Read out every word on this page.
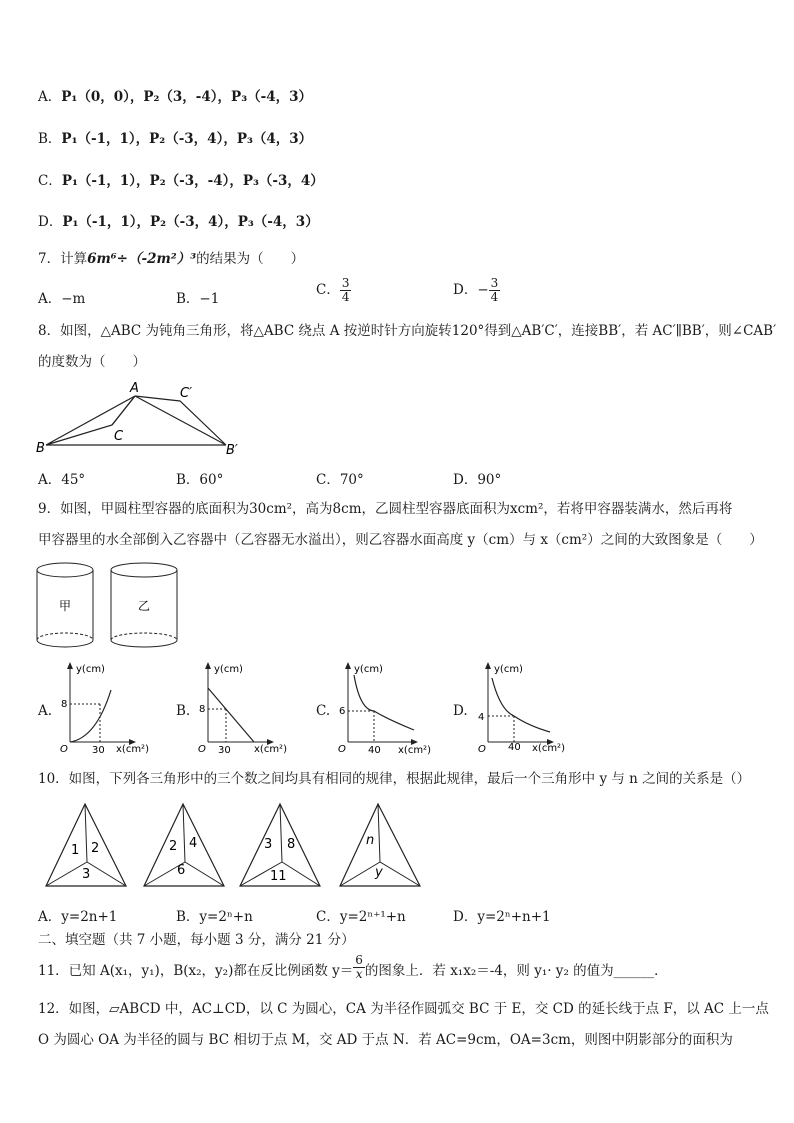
A．P₁（0，0），P₂（3，-4），P₃（-4，3）
B．P₁（-1，1），P₂（-3，4），P₃（4，3）
C．P₁（-1，1），P₂（-3，-4），P₃（-3，4）
D．P₁（-1，1），P₂（-3，4），P₃（-4，3）
7．计算6m⁶÷（-2m²）³的结果为（　　）
A．−m	B．−1
C． $\frac{3}{4}$	D．− $\frac{3}{4}$
8．如图，△ABC 为钝角三角形，将△ABC 绕点 A 按逆时针方向旋转120°得到△AB′C′，连接BB′，若 AC′∥BB′，则∠CAB′
的度数为（　　）
A
B
C
C′
B′
A．45°	B．60°	C．70°	D．90°
9．如图，甲圆柱型容器的底面积为30cm²，高为8cm，乙圆柱型容器底面积为xcm²，若将甲容器装满水，然后再将
甲容器里的水全部倒入乙容器中（乙容器无水溢出），则乙容器水面高度 y（cm）与 x（cm²）之间的大致图象是（　　）
甲	乙
A. 8
30
y(cm)
x(cm²)
O
B. 8
30
y(cm)
x(cm²)
O
C. 6
40
y(cm)
x(cm²)
O
D. 4
40
y(cm)
x(cm²)
O
10．如图，下列各三角形中的三个数之间均具有相同的规律，根据此规律，最后一个三角形中 y 与 n 之间的关系是（）
1 2
3
2 4
6
3 8
11
n
y
A．y=2n+1	B．y=2ⁿ+n	C．y=2ⁿ⁺¹+n	D．y=2ⁿ+n+1
二、填空题（共 7 小题，每小题 3 分，满分 21 分）
11．已知 A(x₁，y₁)，B(x₂，y₂)都在反比例函数 $y= \frac{6}{x}$ 的图象上．若 x₁x₂＝-4，则 y₁· y₂ 的值为______．
12．如图，▱ABCD 中，AC⊥CD，以 C 为圆心，CA 为半径作圆弧交 BC 于 E，交 CD 的延长线于点 F，以 AC 上一点
O 为圆心 OA 为半径的圆与 BC 相切于点 M，交 AD 于点 N．若 AC=9cm，OA=3cm，则图中阴影部分的面积为
